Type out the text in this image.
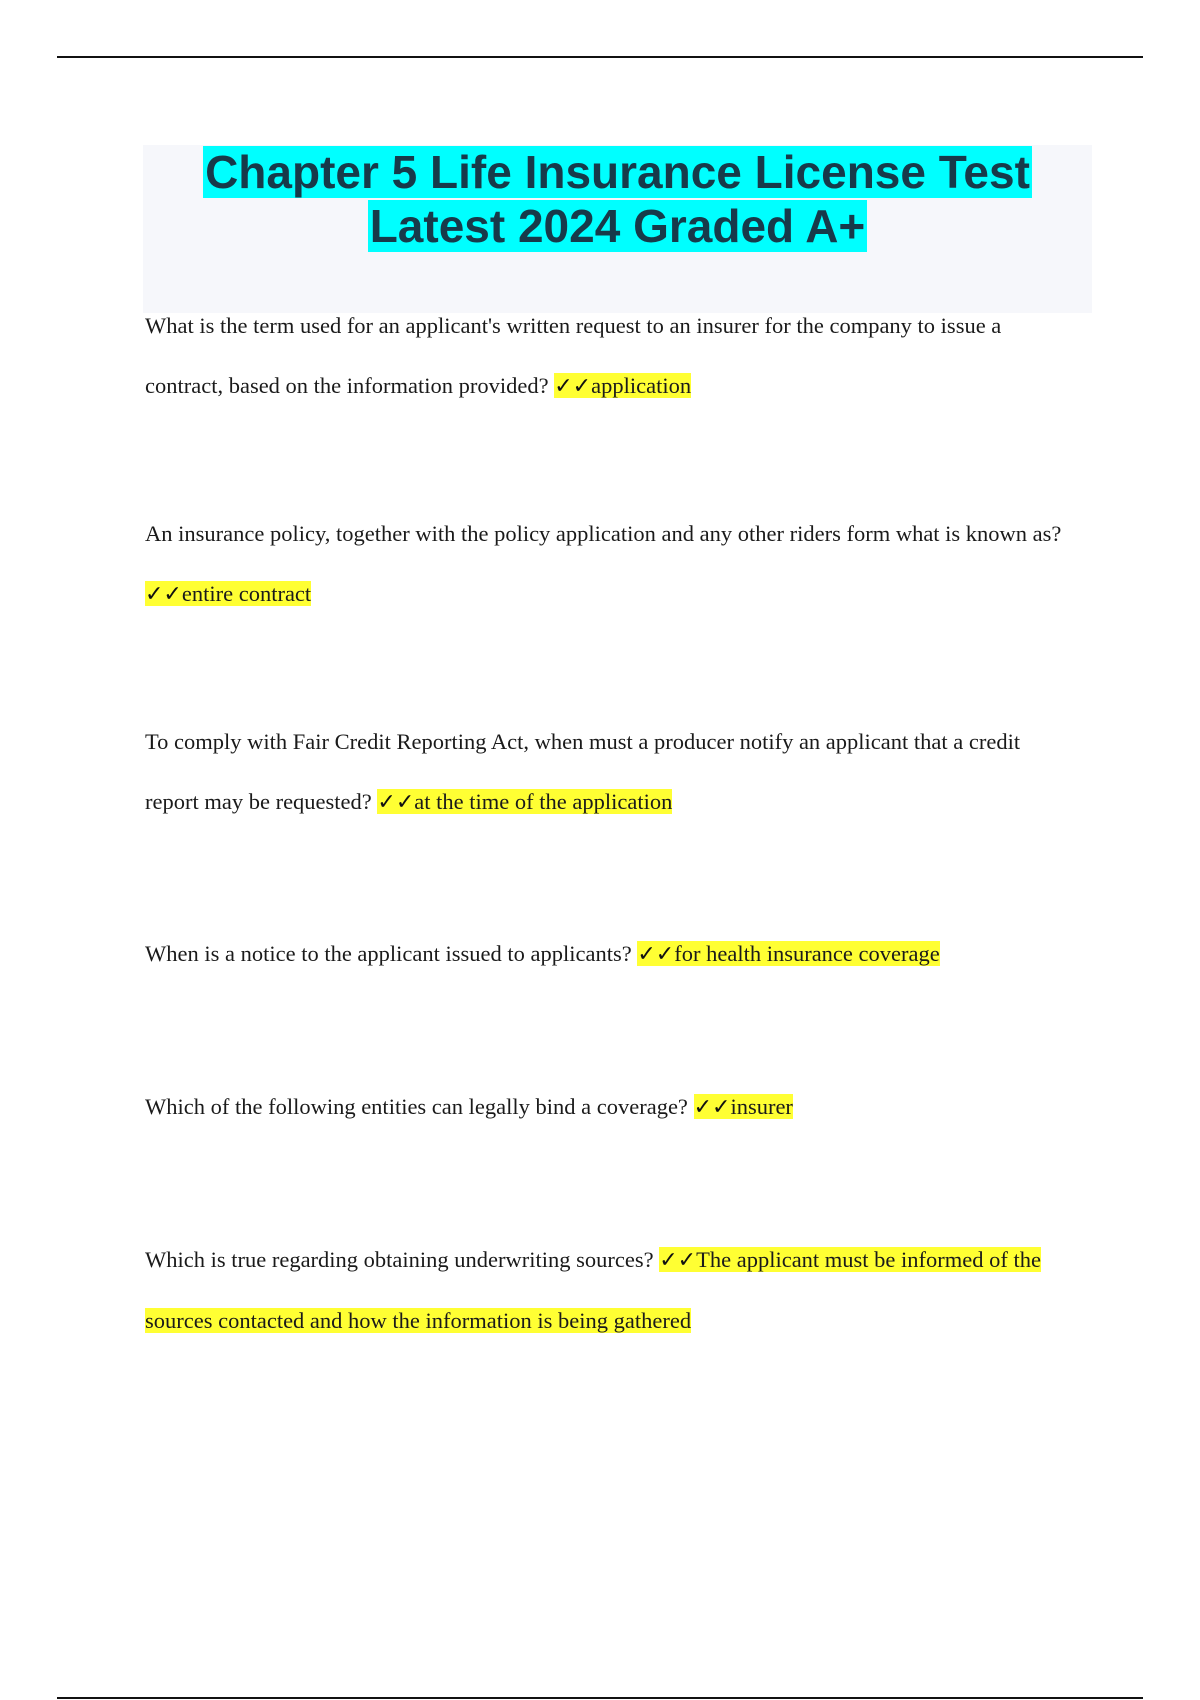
Chapter 5 Life Insurance License Test
Latest 2024 Graded A+

What is the term used for an applicant's written request to an insurer for the company to issue a contract, based on the information provided? ✓✓application

An insurance policy, together with the policy application and any other riders form what is known as? ✓✓entire contract

To comply with Fair Credit Reporting Act, when must a producer notify an applicant that a credit report may be requested? ✓✓at the time of the application

When is a notice to the applicant issued to applicants? ✓✓for health insurance coverage

Which of the following entities can legally bind a coverage? ✓✓insurer

Which is true regarding obtaining underwriting sources? ✓✓The applicant must be informed of the sources contacted and how the information is being gathered
